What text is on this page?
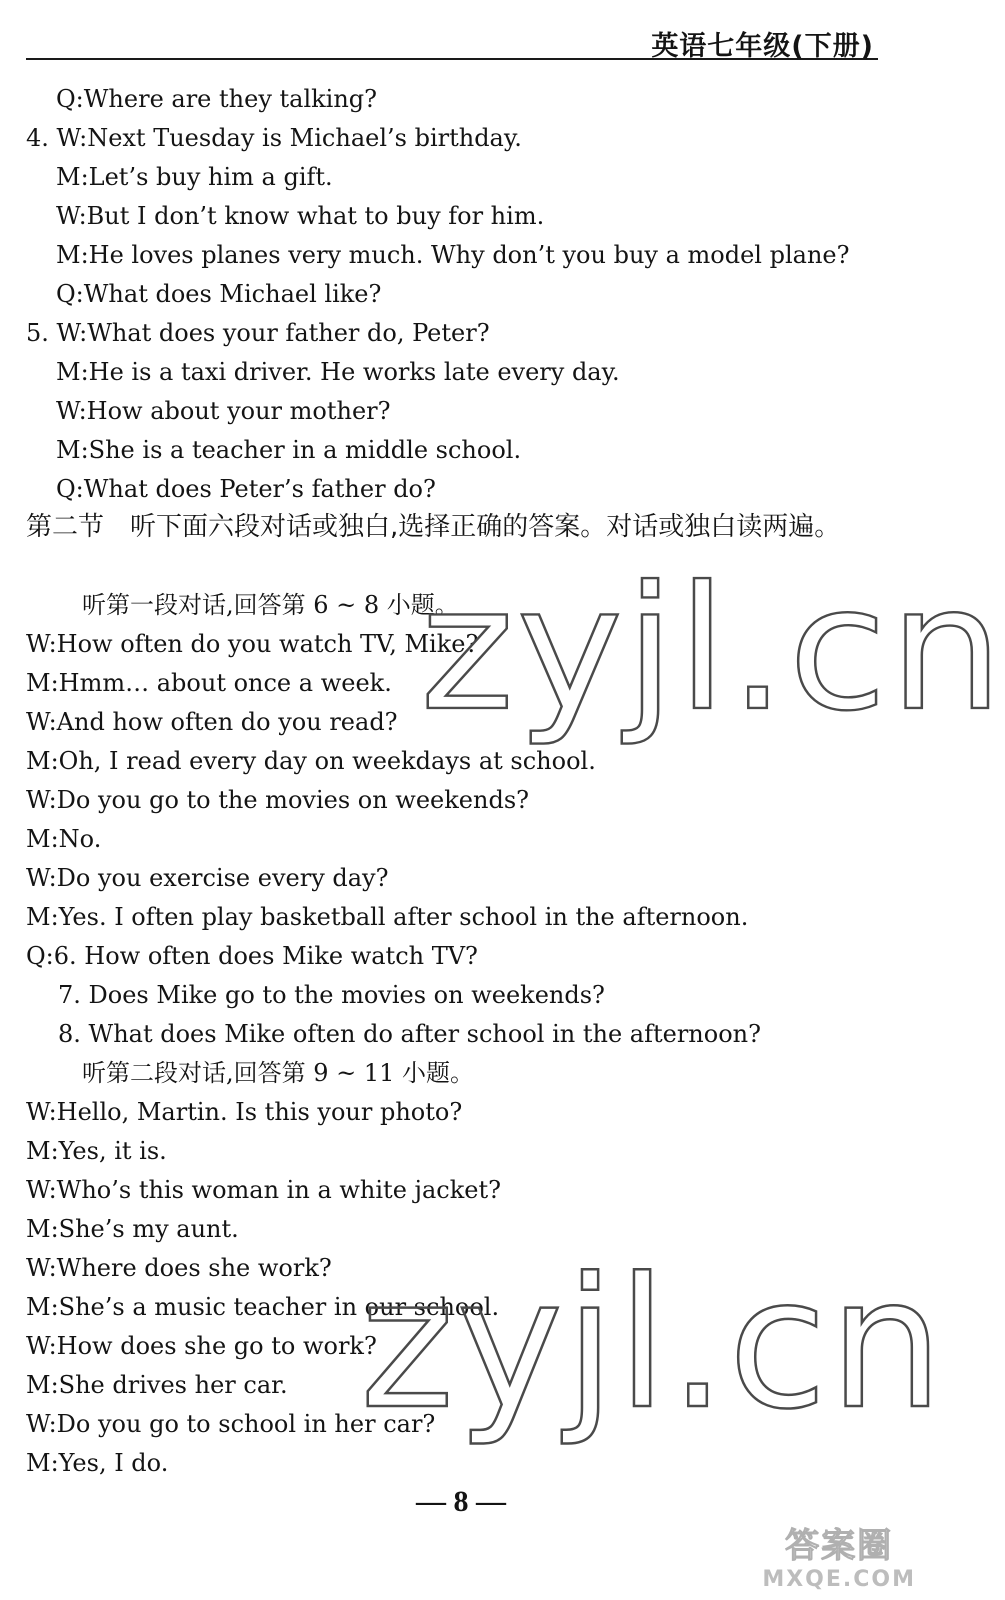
英语七年级(下册)
第二节　听下面六段对话或独白,选择正确的答案。对话或独白读两遍。
Q:Where are they talking?
4. W:Next Tuesday is Michael’s birthday.
M:Let’s buy him a gift.
W:But I don’t know what to buy for him.
M:He loves planes very much. Why don’t you buy a model plane?
Q:What does Michael like?
5. W:What does your father do, Peter?
M:He is a taxi driver. He works late every day.
W:How about your mother?
M:She is a teacher in a middle school.
Q:What does Peter’s father do?
听第一段对话,回答第 6 ~ 8 小题。
W:How often do you watch TV, Mike?
M:Hmm… about once a week.
W:And how often do you read?
M:Oh, I read every day on weekdays at school.
W:Do you go to the movies on weekends?
M:No.
W:Do you exercise every day?
M:Yes. I often play basketball after school in the afternoon.
Q:6. How often does Mike watch TV?
7. Does Mike go to the movies on weekends?
8. What does Mike often do after school in the afternoon?
听第二段对话,回答第 9 ~ 11 小题。
W:Hello, Martin. Is this your photo?
M:Yes, it is.
W:Who’s this woman in a white jacket?
M:She’s my aunt.
W:Where does she work?
M:She’s a music teacher in our school.
W:How does she go to work?
M:She drives her car.
W:Do you go to school in her car?
M:Yes, I do.
zyjl.cn
zyjl.cn
— 8 —
答案圈
MXQE.COM
